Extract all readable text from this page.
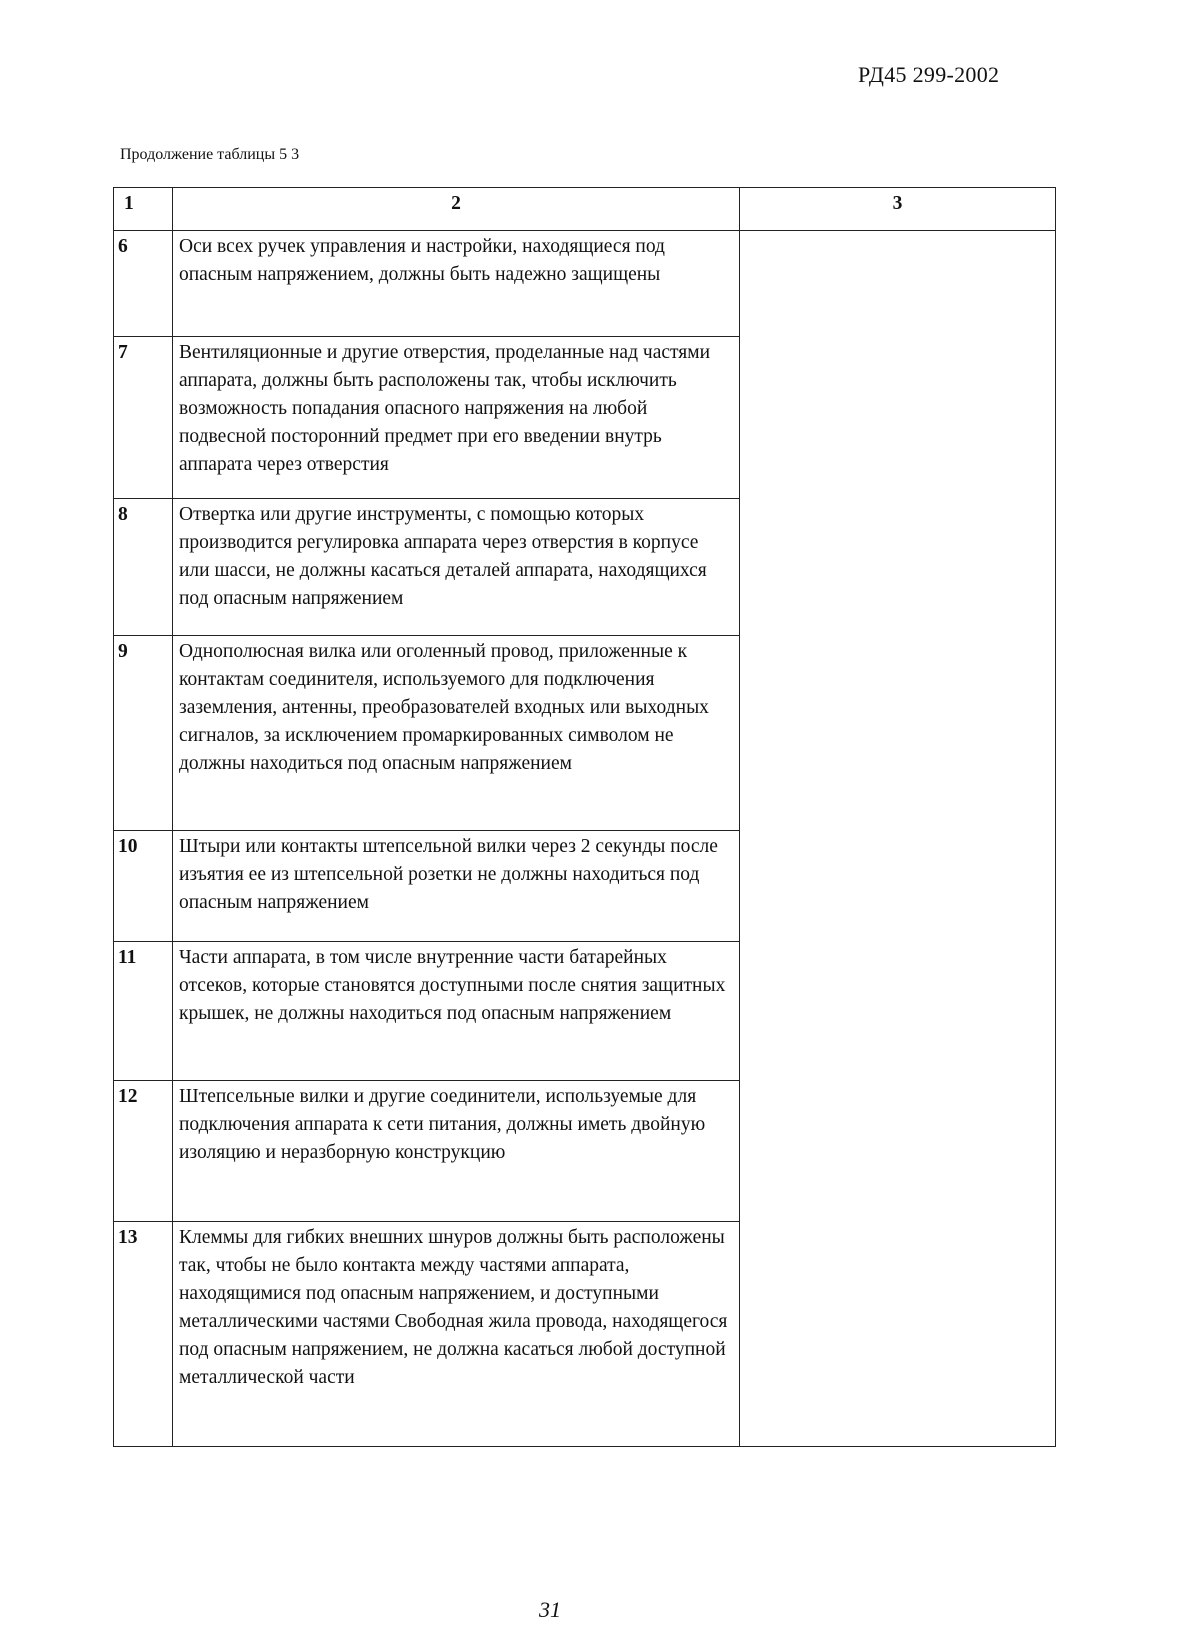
РД45 299-2002
Продолжение таблицы 5 3
1	2	3
6	Оси всех ручек управления и настройки, находящиеся под опасным напряжением, должны быть надежно защищены	
7	Вентиляционные и другие отверстия, проделанные над частями аппарата, должны быть расположены так, чтобы исключить возможность попадания опасного напряжения на любой подвесной посторонний предмет при его введении внутрь аппарата через отверстия	
8	Отвертка или другие инструменты, с помощью которых производится регулировка аппарата через отверстия в корпусе или шасси, не должны касаться деталей аппарата, находящихся под опасным напряжением	
9	Однополюсная вилка или оголенный провод, приложенные к контактам соединителя, используемого для подключения заземления, антенны, преобразователей входных или выходных сигналов, за исключением промаркированных символом не должны находиться под опасным напряжением	
10	Штыри или контакты штепсельной вилки через 2 секунды после изъятия ее из штепсельной розетки не должны находиться под опасным напряжением	
11	Части аппарата, в том числе внутренние части батарейных отсеков, которые становятся доступными после снятия защитных крышек, не должны находиться под опасным напряжением	
12	Штепсельные вилки и другие соединители, используемые для подключения аппарата к сети питания, должны иметь двойную изоляцию и неразборную конструкцию	
13	Клеммы для гибких внешних шнуров должны быть расположены так, чтобы не было контакта между частями аппарата, находящимися под опасным напряжением, и доступными металлическими частями Свободная жила провода, находящегося под опасным напряжением, не должна касаться любой доступной металлической части	
31
